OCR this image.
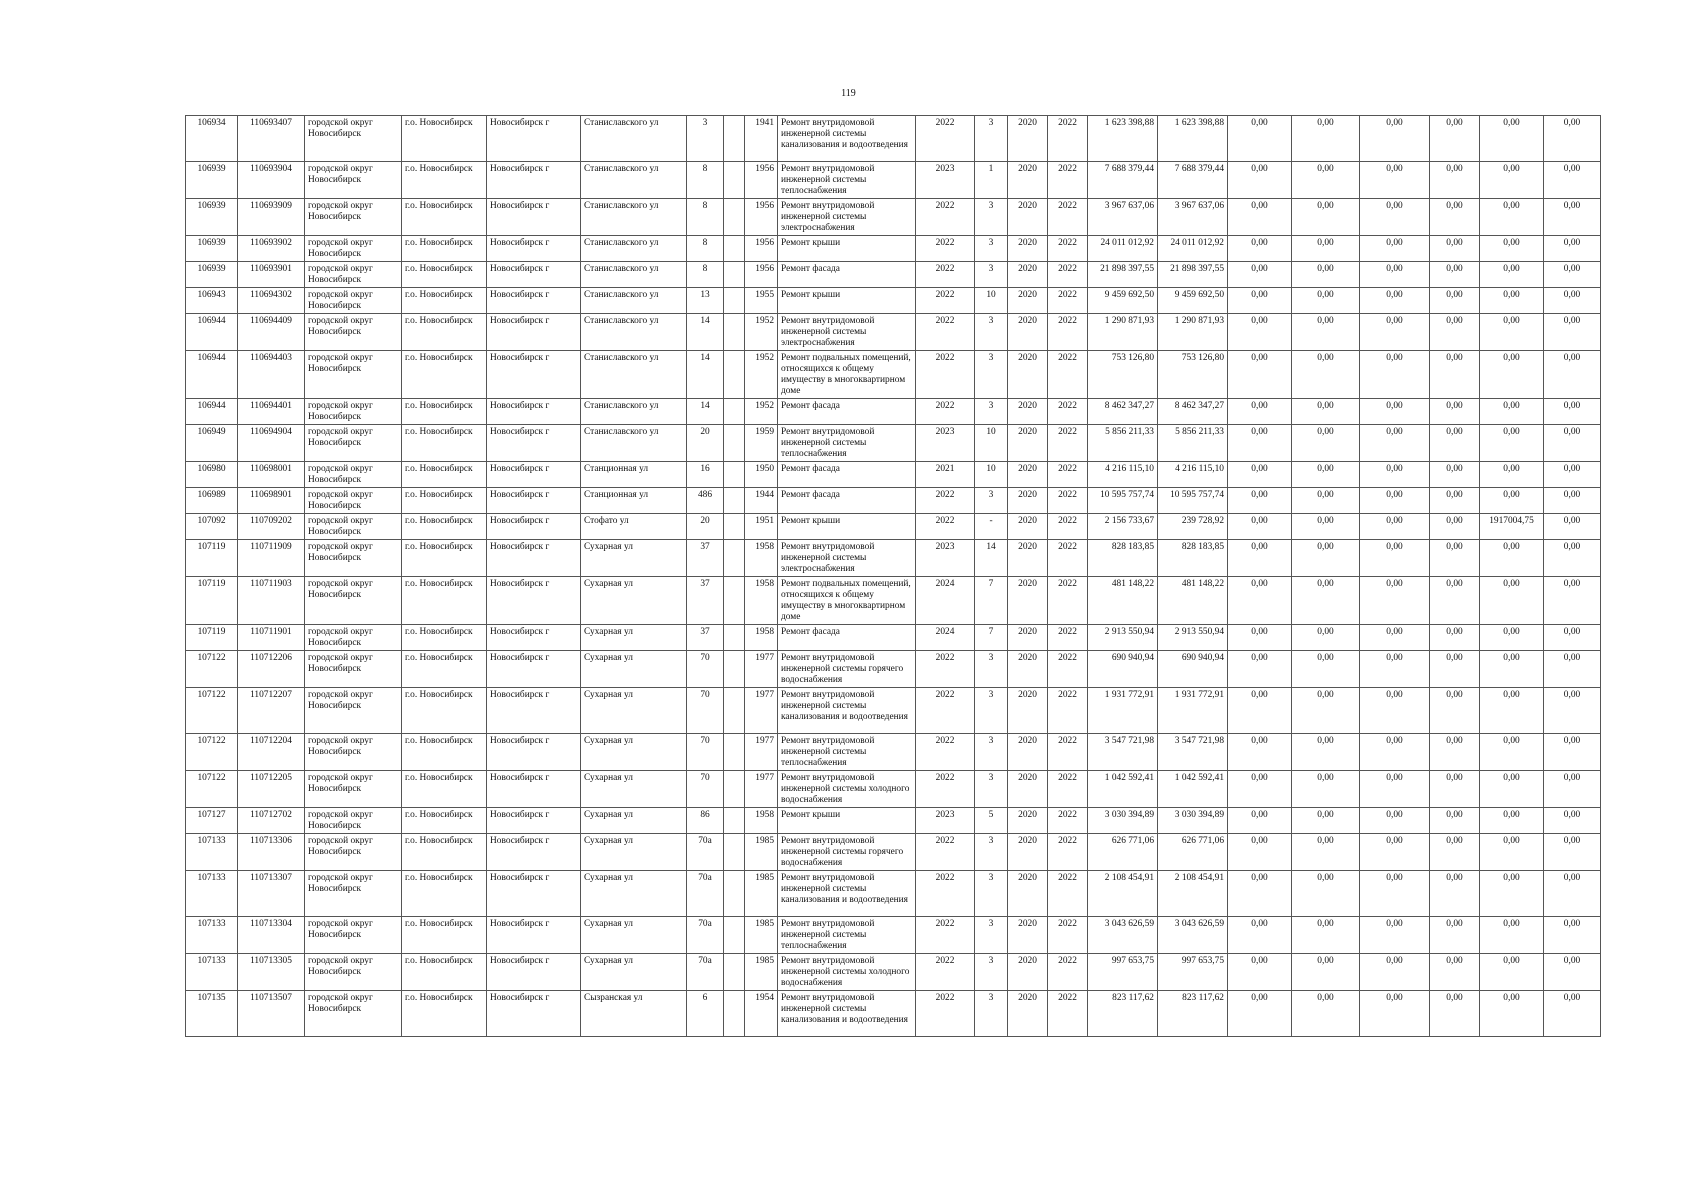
119
106934	110693407	городской округ Новосибирск	г.о. Новосибирск	Новосибирск г	Станиславского ул	3		1941	Ремонт внутридомовой инженерной системы канализования и водоотведения	2022	3	2020	2022	1 623 398,88	1 623 398,88	0,00	0,00	0,00	0,00	0,00	0,00
106939	110693904	городской округ Новосибирск	г.о. Новосибирск	Новосибирск г	Станиславского ул	8		1956	Ремонт внутридомовой инженерной системы теплоснабжения	2023	1	2020	2022	7 688 379,44	7 688 379,44	0,00	0,00	0,00	0,00	0,00	0,00
106939	110693909	городской округ Новосибирск	г.о. Новосибирск	Новосибирск г	Станиславского ул	8		1956	Ремонт внутридомовой инженерной системы электроснабжения	2022	3	2020	2022	3 967 637,06	3 967 637,06	0,00	0,00	0,00	0,00	0,00	0,00
106939	110693902	городской округ Новосибирск	г.о. Новосибирск	Новосибирск г	Станиславского ул	8		1956	Ремонт крыши	2022	3	2020	2022	24 011 012,92	24 011 012,92	0,00	0,00	0,00	0,00	0,00	0,00
106939	110693901	городской округ Новосибирск	г.о. Новосибирск	Новосибирск г	Станиславского ул	8		1956	Ремонт фасада	2022	3	2020	2022	21 898 397,55	21 898 397,55	0,00	0,00	0,00	0,00	0,00	0,00
106943	110694302	городской округ Новосибирск	г.о. Новосибирск	Новосибирск г	Станиславского ул	13		1955	Ремонт крыши	2022	10	2020	2022	9 459 692,50	9 459 692,50	0,00	0,00	0,00	0,00	0,00	0,00
106944	110694409	городской округ Новосибирск	г.о. Новосибирск	Новосибирск г	Станиславского ул	14		1952	Ремонт внутридомовой инженерной системы электроснабжения	2022	3	2020	2022	1 290 871,93	1 290 871,93	0,00	0,00	0,00	0,00	0,00	0,00
106944	110694403	городской округ Новосибирск	г.о. Новосибирск	Новосибирск г	Станиславского ул	14		1952	Ремонт подвальных помещений, относящихся к общему имуществу в многоквартирном доме	2022	3	2020	2022	753 126,80	753 126,80	0,00	0,00	0,00	0,00	0,00	0,00
106944	110694401	городской округ Новосибирск	г.о. Новосибирск	Новосибирск г	Станиславского ул	14		1952	Ремонт фасада	2022	3	2020	2022	8 462 347,27	8 462 347,27	0,00	0,00	0,00	0,00	0,00	0,00
106949	110694904	городской округ Новосибирск	г.о. Новосибирск	Новосибирск г	Станиславского ул	20		1959	Ремонт внутридомовой инженерной системы теплоснабжения	2023	10	2020	2022	5 856 211,33	5 856 211,33	0,00	0,00	0,00	0,00	0,00	0,00
106980	110698001	городской округ Новосибирск	г.о. Новосибирск	Новосибирск г	Станционная ул	16		1950	Ремонт фасада	2021	10	2020	2022	4 216 115,10	4 216 115,10	0,00	0,00	0,00	0,00	0,00	0,00
106989	110698901	городской округ Новосибирск	г.о. Новосибирск	Новосибирск г	Станционная ул	486		1944	Ремонт фасада	2022	3	2020	2022	10 595 757,74	10 595 757,74	0,00	0,00	0,00	0,00	0,00	0,00
107092	110709202	городской округ Новосибирск	г.о. Новосибирск	Новосибирск г	Стофато ул	20		1951	Ремонт крыши	2022	-	2020	2022	2 156 733,67	239 728,92	0,00	0,00	0,00	0,00	1917004,75	0,00
107119	110711909	городской округ Новосибирск	г.о. Новосибирск	Новосибирск г	Сухарная ул	37		1958	Ремонт внутридомовой инженерной системы электроснабжения	2023	14	2020	2022	828 183,85	828 183,85	0,00	0,00	0,00	0,00	0,00	0,00
107119	110711903	городской округ Новосибирск	г.о. Новосибирск	Новосибирск г	Сухарная ул	37		1958	Ремонт подвальных помещений, относящихся к общему имуществу в многоквартирном доме	2024	7	2020	2022	481 148,22	481 148,22	0,00	0,00	0,00	0,00	0,00	0,00
107119	110711901	городской округ Новосибирск	г.о. Новосибирск	Новосибирск г	Сухарная ул	37		1958	Ремонт фасада	2024	7	2020	2022	2 913 550,94	2 913 550,94	0,00	0,00	0,00	0,00	0,00	0,00
107122	110712206	городской округ Новосибирск	г.о. Новосибирск	Новосибирск г	Сухарная ул	70		1977	Ремонт внутридомовой инженерной системы горячего водоснабжения	2022	3	2020	2022	690 940,94	690 940,94	0,00	0,00	0,00	0,00	0,00	0,00
107122	110712207	городской округ Новосибирск	г.о. Новосибирск	Новосибирск г	Сухарная ул	70		1977	Ремонт внутридомовой инженерной системы канализования и водоотведения	2022	3	2020	2022	1 931 772,91	1 931 772,91	0,00	0,00	0,00	0,00	0,00	0,00
107122	110712204	городской округ Новосибирск	г.о. Новосибирск	Новосибирск г	Сухарная ул	70		1977	Ремонт внутридомовой инженерной системы теплоснабжения	2022	3	2020	2022	3 547 721,98	3 547 721,98	0,00	0,00	0,00	0,00	0,00	0,00
107122	110712205	городской округ Новосибирск	г.о. Новосибирск	Новосибирск г	Сухарная ул	70		1977	Ремонт внутридомовой инженерной системы холодного водоснабжения	2022	3	2020	2022	1 042 592,41	1 042 592,41	0,00	0,00	0,00	0,00	0,00	0,00
107127	110712702	городской округ Новосибирск	г.о. Новосибирск	Новосибирск г	Сухарная ул	86		1958	Ремонт крыши	2023	5	2020	2022	3 030 394,89	3 030 394,89	0,00	0,00	0,00	0,00	0,00	0,00
107133	110713306	городской округ Новосибирск	г.о. Новосибирск	Новосибирск г	Сухарная ул	70а		1985	Ремонт внутридомовой инженерной системы горячего водоснабжения	2022	3	2020	2022	626 771,06	626 771,06	0,00	0,00	0,00	0,00	0,00	0,00
107133	110713307	городской округ Новосибирск	г.о. Новосибирск	Новосибирск г	Сухарная ул	70а		1985	Ремонт внутридомовой инженерной системы канализования и водоотведения	2022	3	2020	2022	2 108 454,91	2 108 454,91	0,00	0,00	0,00	0,00	0,00	0,00
107133	110713304	городской округ Новосибирск	г.о. Новосибирск	Новосибирск г	Сухарная ул	70а		1985	Ремонт внутридомовой инженерной системы теплоснабжения	2022	3	2020	2022	3 043 626,59	3 043 626,59	0,00	0,00	0,00	0,00	0,00	0,00
107133	110713305	городской округ Новосибирск	г.о. Новосибирск	Новосибирск г	Сухарная ул	70а		1985	Ремонт внутридомовой инженерной системы холодного водоснабжения	2022	3	2020	2022	997 653,75	997 653,75	0,00	0,00	0,00	0,00	0,00	0,00
107135	110713507	городской округ Новосибирск	г.о. Новосибирск	Новосибирск г	Сызранская ул	6		1954	Ремонт внутридомовой инженерной системы канализования и водоотведения	2022	3	2020	2022	823 117,62	823 117,62	0,00	0,00	0,00	0,00	0,00	0,00
